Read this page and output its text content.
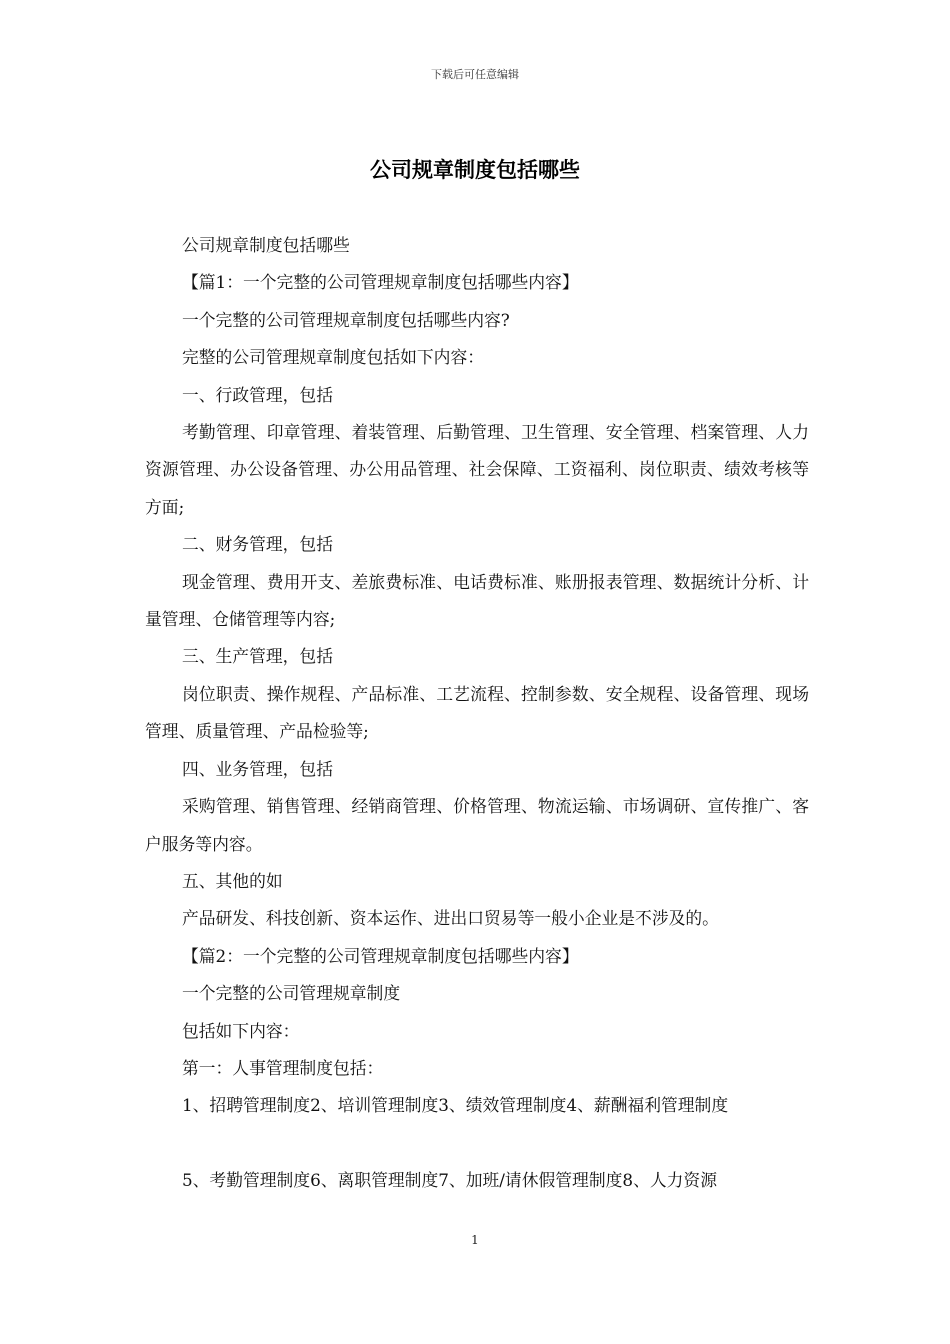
下载后可任意编辑
公司规章制度包括哪些

公司规章制度包括哪些

【篇1：一个完整的公司管理规章制度包括哪些内容】

一个完整的公司管理规章制度包括哪些内容?

完整的公司管理规章制度包括如下内容：

一、行政管理，包括

考勤管理、印章管理、着装管理、后勤管理、卫生管理、安全管理、档案管理、人力资源管理、办公设备管理、办公用品管理、社会保障、工资福利、岗位职责、绩效考核等方面;

二、财务管理，包括

现金管理、费用开支、差旅费标准、电话费标准、账册报表管理、数据统计分析、计量管理、仓储管理等内容;

三、生产管理，包括

岗位职责、操作规程、产品标准、工艺流程、控制参数、安全规程、设备管理、现场管理、质量管理、产品检验等;

四、业务管理，包括

采购管理、销售管理、经销商管理、价格管理、物流运输、市场调研、宣传推广、客户服务等内容。

五、其他的如

产品研发、科技创新、资本运作、进出口贸易等一般小企业是不涉及的。

【篇2：一个完整的公司管理规章制度包括哪些内容】

一个完整的公司管理规章制度

包括如下内容：

第一：人事管理制度包括：

1、招聘管理制度2、培训管理制度3、绩效管理制度4、薪酬福利管理制度

5、考勤管理制度6、离职管理制度7、加班/请休假管理制度8、人力资源

1
